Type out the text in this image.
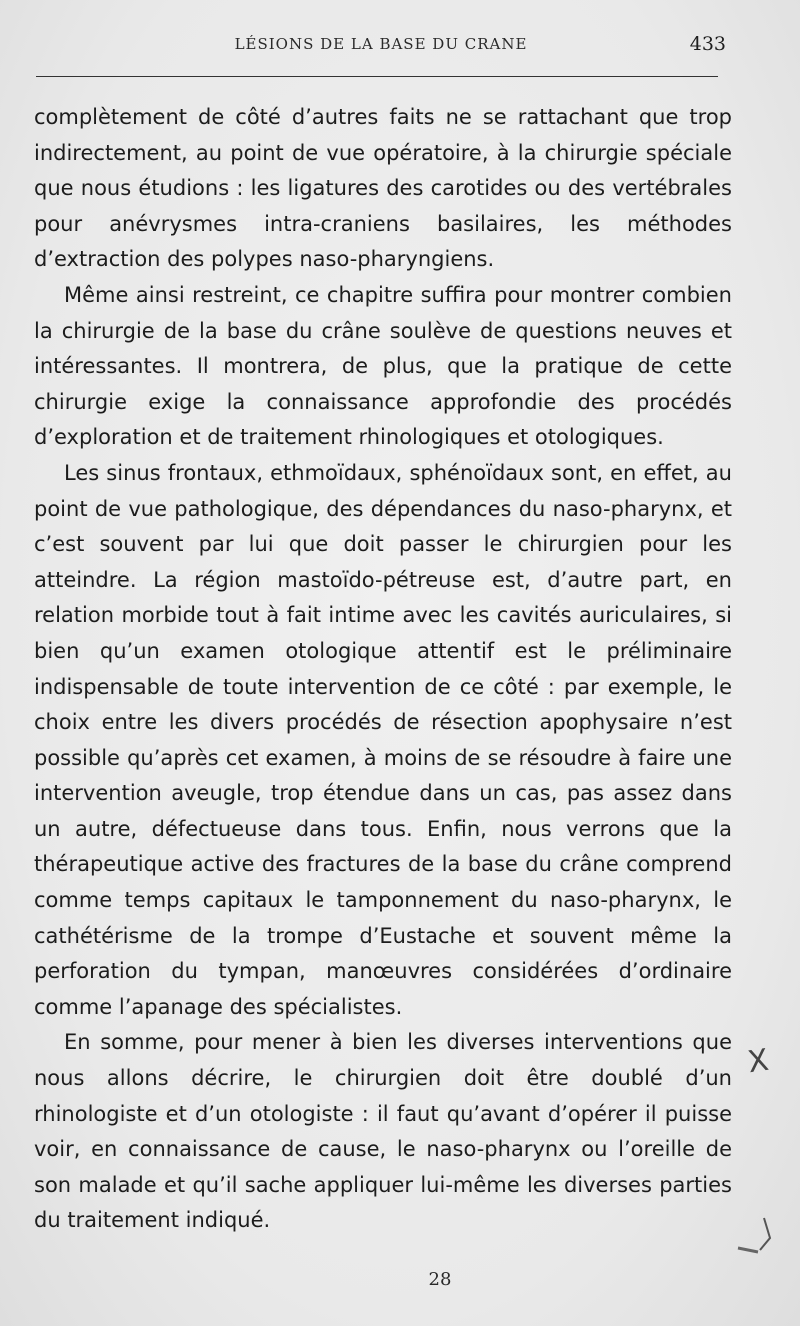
LÉSIONS DE LA BASE DU CRANE	433

complètement de côté d’autres faits ne se rattachant que trop indirectement, au point de vue opératoire, à la chirurgie spéciale que nous étudions : les ligatures des carotides ou des vertébrales pour anévrysmes intra-craniens basilaires, les méthodes d’extraction des polypes naso-pharyngiens.

Même ainsi restreint, ce chapitre suffira pour montrer combien la chirurgie de la base du crâne soulève de questions neuves et intéressantes. Il montrera, de plus, que la pratique de cette chirurgie exige la connaissance approfondie des procédés d’exploration et de traitement rhinologiques et otologiques.

Les sinus frontaux, ethmoïdaux, sphénoïdaux sont, en effet, au point de vue pathologique, des dépendances du naso-pharynx, et c’est souvent par lui que doit passer le chirurgien pour les atteindre. La région mastoïdo-pétreuse est, d’autre part, en relation morbide tout à fait intime avec les cavités auriculaires, si bien qu’un examen otologique attentif est le préliminaire indispensable de toute intervention de ce côté : par exemple, le choix entre les divers procédés de résection apophysaire n’est possible qu’après cet examen, à moins de se résoudre à faire une intervention aveugle, trop étendue dans un cas, pas assez dans un autre, défectueuse dans tous. Enfin, nous verrons que la thérapeutique active des fractures de la base du crâne comprend comme temps capitaux le tamponnement du naso-pharynx, le cathétérisme de la trompe d’Eustache et souvent même la perforation du tympan, manœuvres considérées d’ordinaire comme l’apanage des spécialistes.

En somme, pour mener à bien les diverses interventions que nous allons décrire, le chirurgien doit être doublé d’un rhinologiste et d’un otologiste : il faut qu’avant d’opérer il puisse voir, en connaissance de cause, le naso-pharynx ou l’oreille de son malade et qu’il sache appliquer lui-même les diverses parties du traitement indiqué.

X
28
